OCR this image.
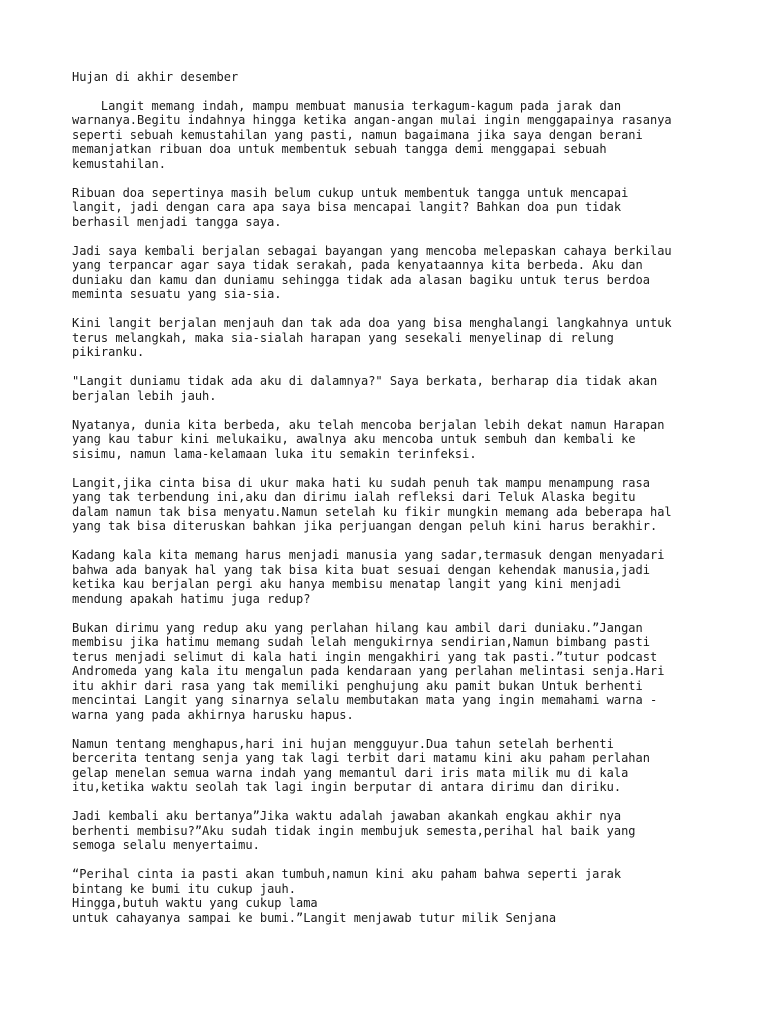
Hujan di akhir desember
Langit memang indah, mampu membuat manusia terkagum-kagum pada jarak dan
warnanya.Begitu indahnya hingga ketika angan-angan mulai ingin menggapainya rasanya
seperti sebuah kemustahilan yang pasti, namun bagaimana jika saya dengan berani
memanjatkan ribuan doa untuk membentuk sebuah tangga demi menggapai sebuah
kemustahilan.
Ribuan doa sepertinya masih belum cukup untuk membentuk tangga untuk mencapai
langit, jadi dengan cara apa saya bisa mencapai langit? Bahkan doa pun tidak
berhasil menjadi tangga saya.
Jadi saya kembali berjalan sebagai bayangan yang mencoba melepaskan cahaya berkilau
yang terpancar agar saya tidak serakah, pada kenyataannya kita berbeda. Aku dan
duniaku dan kamu dan duniamu sehingga tidak ada alasan bagiku untuk terus berdoa
meminta sesuatu yang sia-sia.
Kini langit berjalan menjauh dan tak ada doa yang bisa menghalangi langkahnya untuk
terus melangkah, maka sia-sialah harapan yang sesekali menyelinap di relung
pikiranku.
"Langit duniamu tidak ada aku di dalamnya?" Saya berkata, berharap dia tidak akan
berjalan lebih jauh.
Nyatanya, dunia kita berbeda, aku telah mencoba berjalan lebih dekat namun Harapan
yang kau tabur kini melukaiku, awalnya aku mencoba untuk sembuh dan kembali ke
sisimu, namun lama-kelamaan luka itu semakin terinfeksi.
Langit,jika cinta bisa di ukur maka hati ku sudah penuh tak mampu menampung rasa
yang tak terbendung ini,aku dan dirimu ialah refleksi dari Teluk Alaska begitu
dalam namun tak bisa menyatu.Namun setelah ku fikir mungkin memang ada beberapa hal
yang tak bisa diteruskan bahkan jika perjuangan dengan peluh kini harus berakhir.
Kadang kala kita memang harus menjadi manusia yang sadar,termasuk dengan menyadari
bahwa ada banyak hal yang tak bisa kita buat sesuai dengan kehendak manusia,jadi
ketika kau berjalan pergi aku hanya membisu menatap langit yang kini menjadi
mendung apakah hatimu juga redup?
Bukan dirimu yang redup aku yang perlahan hilang kau ambil dari duniaku.”Jangan
membisu jika hatimu memang sudah lelah mengukirnya sendirian,Namun bimbang pasti
terus menjadi selimut di kala hati ingin mengakhiri yang tak pasti.”tutur podcast
Andromeda yang kala itu mengalun pada kendaraan yang perlahan melintasi senja.Hari
itu akhir dari rasa yang tak memiliki penghujung aku pamit bukan Untuk berhenti
mencintai Langit yang sinarnya selalu membutakan mata yang ingin memahami warna -
warna yang pada akhirnya harusku hapus.
Namun tentang menghapus,hari ini hujan mengguyur.Dua tahun setelah berhenti
bercerita tentang senja yang tak lagi terbit dari matamu kini aku paham perlahan
gelap menelan semua warna indah yang memantul dari iris mata milik mu di kala
itu,ketika waktu seolah tak lagi ingin berputar di antara dirimu dan diriku.
Jadi kembali aku bertanya”Jika waktu adalah jawaban akankah engkau akhir nya
berhenti membisu?”Aku sudah tidak ingin membujuk semesta,perihal hal baik yang
semoga selalu menyertaimu.
“Perihal cinta ia pasti akan tumbuh,namun kini aku paham bahwa seperti jarak
bintang ke bumi itu cukup jauh.
Hingga,butuh waktu yang cukup lama
untuk cahayanya sampai ke bumi.”Langit menjawab tutur milik Senjana
